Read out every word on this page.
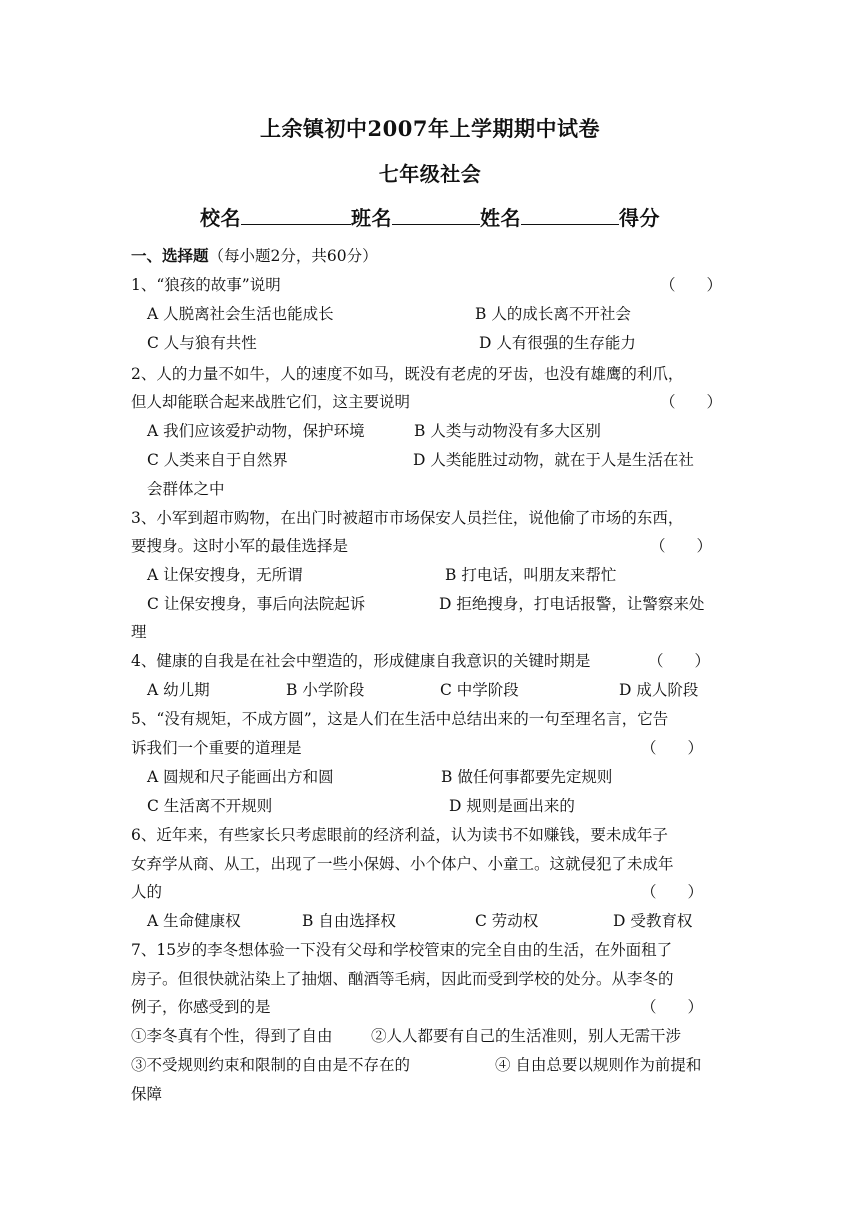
上余镇初中2007年上学期期中试卷
七年级社会
校名	班名	姓名	得分
一、选择题（每小题2分，共60分）
1、“狼孩的故事”说明	（　　）
A 人脱离社会生活也能成长	B 人的成长离不开社会
C 人与狼有共性	D 人有很强的生存能力
2、人的力量不如牛，人的速度不如马，既没有老虎的牙齿，也没有雄鹰的利爪，
但人却能联合起来战胜它们，这主要说明	（　　）
A 我们应该爱护动物，保护环境	B 人类与动物没有多大区别
C 人类来自于自然界	D 人类能胜过动物，就在于人是生活在社
会群体之中
3、小军到超市购物，在出门时被超市市场保安人员拦住，说他偷了市场的东西，
要搜身。这时小军的最佳选择是	（　　）
A 让保安搜身，无所谓	B 打电话，叫朋友来帮忙
C 让保安搜身，事后向法院起诉	D 拒绝搜身，打电话报警，让警察来处
理
4、健康的自我是在社会中塑造的，形成健康自我意识的关键时期是	（　　）
A 幼儿期	B 小学阶段	C 中学阶段	D 成人阶段
5、“没有规矩，不成方圆”，这是人们在生活中总结出来的一句至理名言，它告
诉我们一个重要的道理是	（　　）
A 圆规和尺子能画出方和圆	B 做任何事都要先定规则
C 生活离不开规则	D 规则是画出来的
6、近年来，有些家长只考虑眼前的经济利益，认为读书不如赚钱，要未成年子
女弃学从商、从工，出现了一些小保姆、小个体户、小童工。这就侵犯了未成年
人的	（　　）
A 生命健康权	B 自由选择权	C 劳动权	D 受教育权
7、15岁的李冬想体验一下没有父母和学校管束的完全自由的生活，在外面租了
房子。但很快就沾染上了抽烟、酗酒等毛病，因此而受到学校的处分。从李冬的
例子，你感受到的是	（　　）
①李冬真有个性，得到了自由 ②人人都要有自己的生活准则，别人无需干涉
③不受规则约束和限制的自由是不存在的	④ 自由总要以规则作为前提和
保障
